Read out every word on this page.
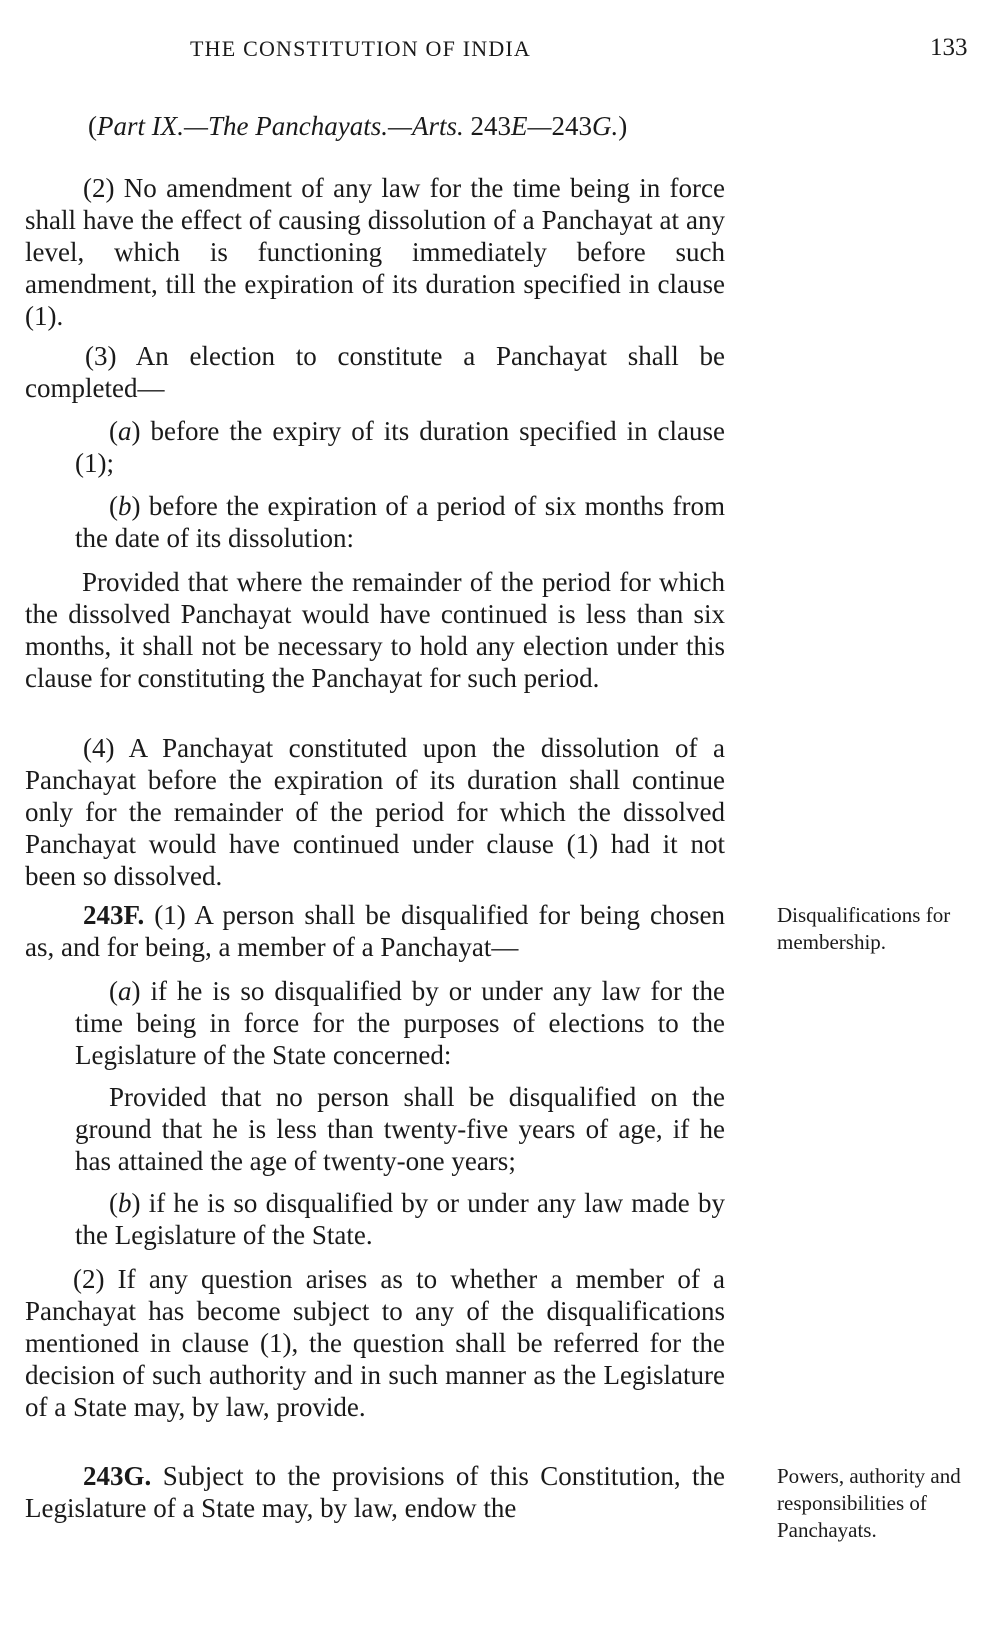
THE CONSTITUTION OF INDIA	133
(Part IX.—The Panchayats.—Arts. 243E—243G.)
(2) No amendment of any law for the time being in force shall have the effect of causing dissolution of a Panchayat at any level, which is functioning immediately before such amendment, till the expiration of its duration specified in clause (1).
(3) An election to constitute a Panchayat shall be completed—
(a) before the expiry of its duration specified in clause (1);
(b) before the expiration of a period of six months from the date of its dissolution:
Provided that where the remainder of the period for which the dissolved Panchayat would have continued is less than six months, it shall not be necessary to hold any election under this clause for constituting the Panchayat for such period.
(4) A Panchayat constituted upon the dissolution of a Panchayat before the expiration of its duration shall continue only for the remainder of the period for which the dissolved Panchayat would have continued under clause (1) had it not been so dissolved.
243F. (1) A person shall be disqualified for being chosen as, and for being, a member of a Panchayat—
(a) if he is so disqualified by or under any law for the time being in force for the purposes of elections to the Legislature of the State concerned:
Provided that no person shall be disqualified on the ground that he is less than twenty-five years of age, if he has attained the age of twenty-one years;
(b) if he is so disqualified by or under any law made by the Legislature of the State.
(2) If any question arises as to whether a member of a Panchayat has become subject to any of the disqualifications mentioned in clause (1), the question shall be referred for the decision of such authority and in such manner as the Legislature of a State may, by law, provide.
243G. Subject to the provisions of this Constitution, the Legislature of a State may, by law, endow the
Disqualifications for membership.
Powers, authority and responsibilities of Panchayats.
